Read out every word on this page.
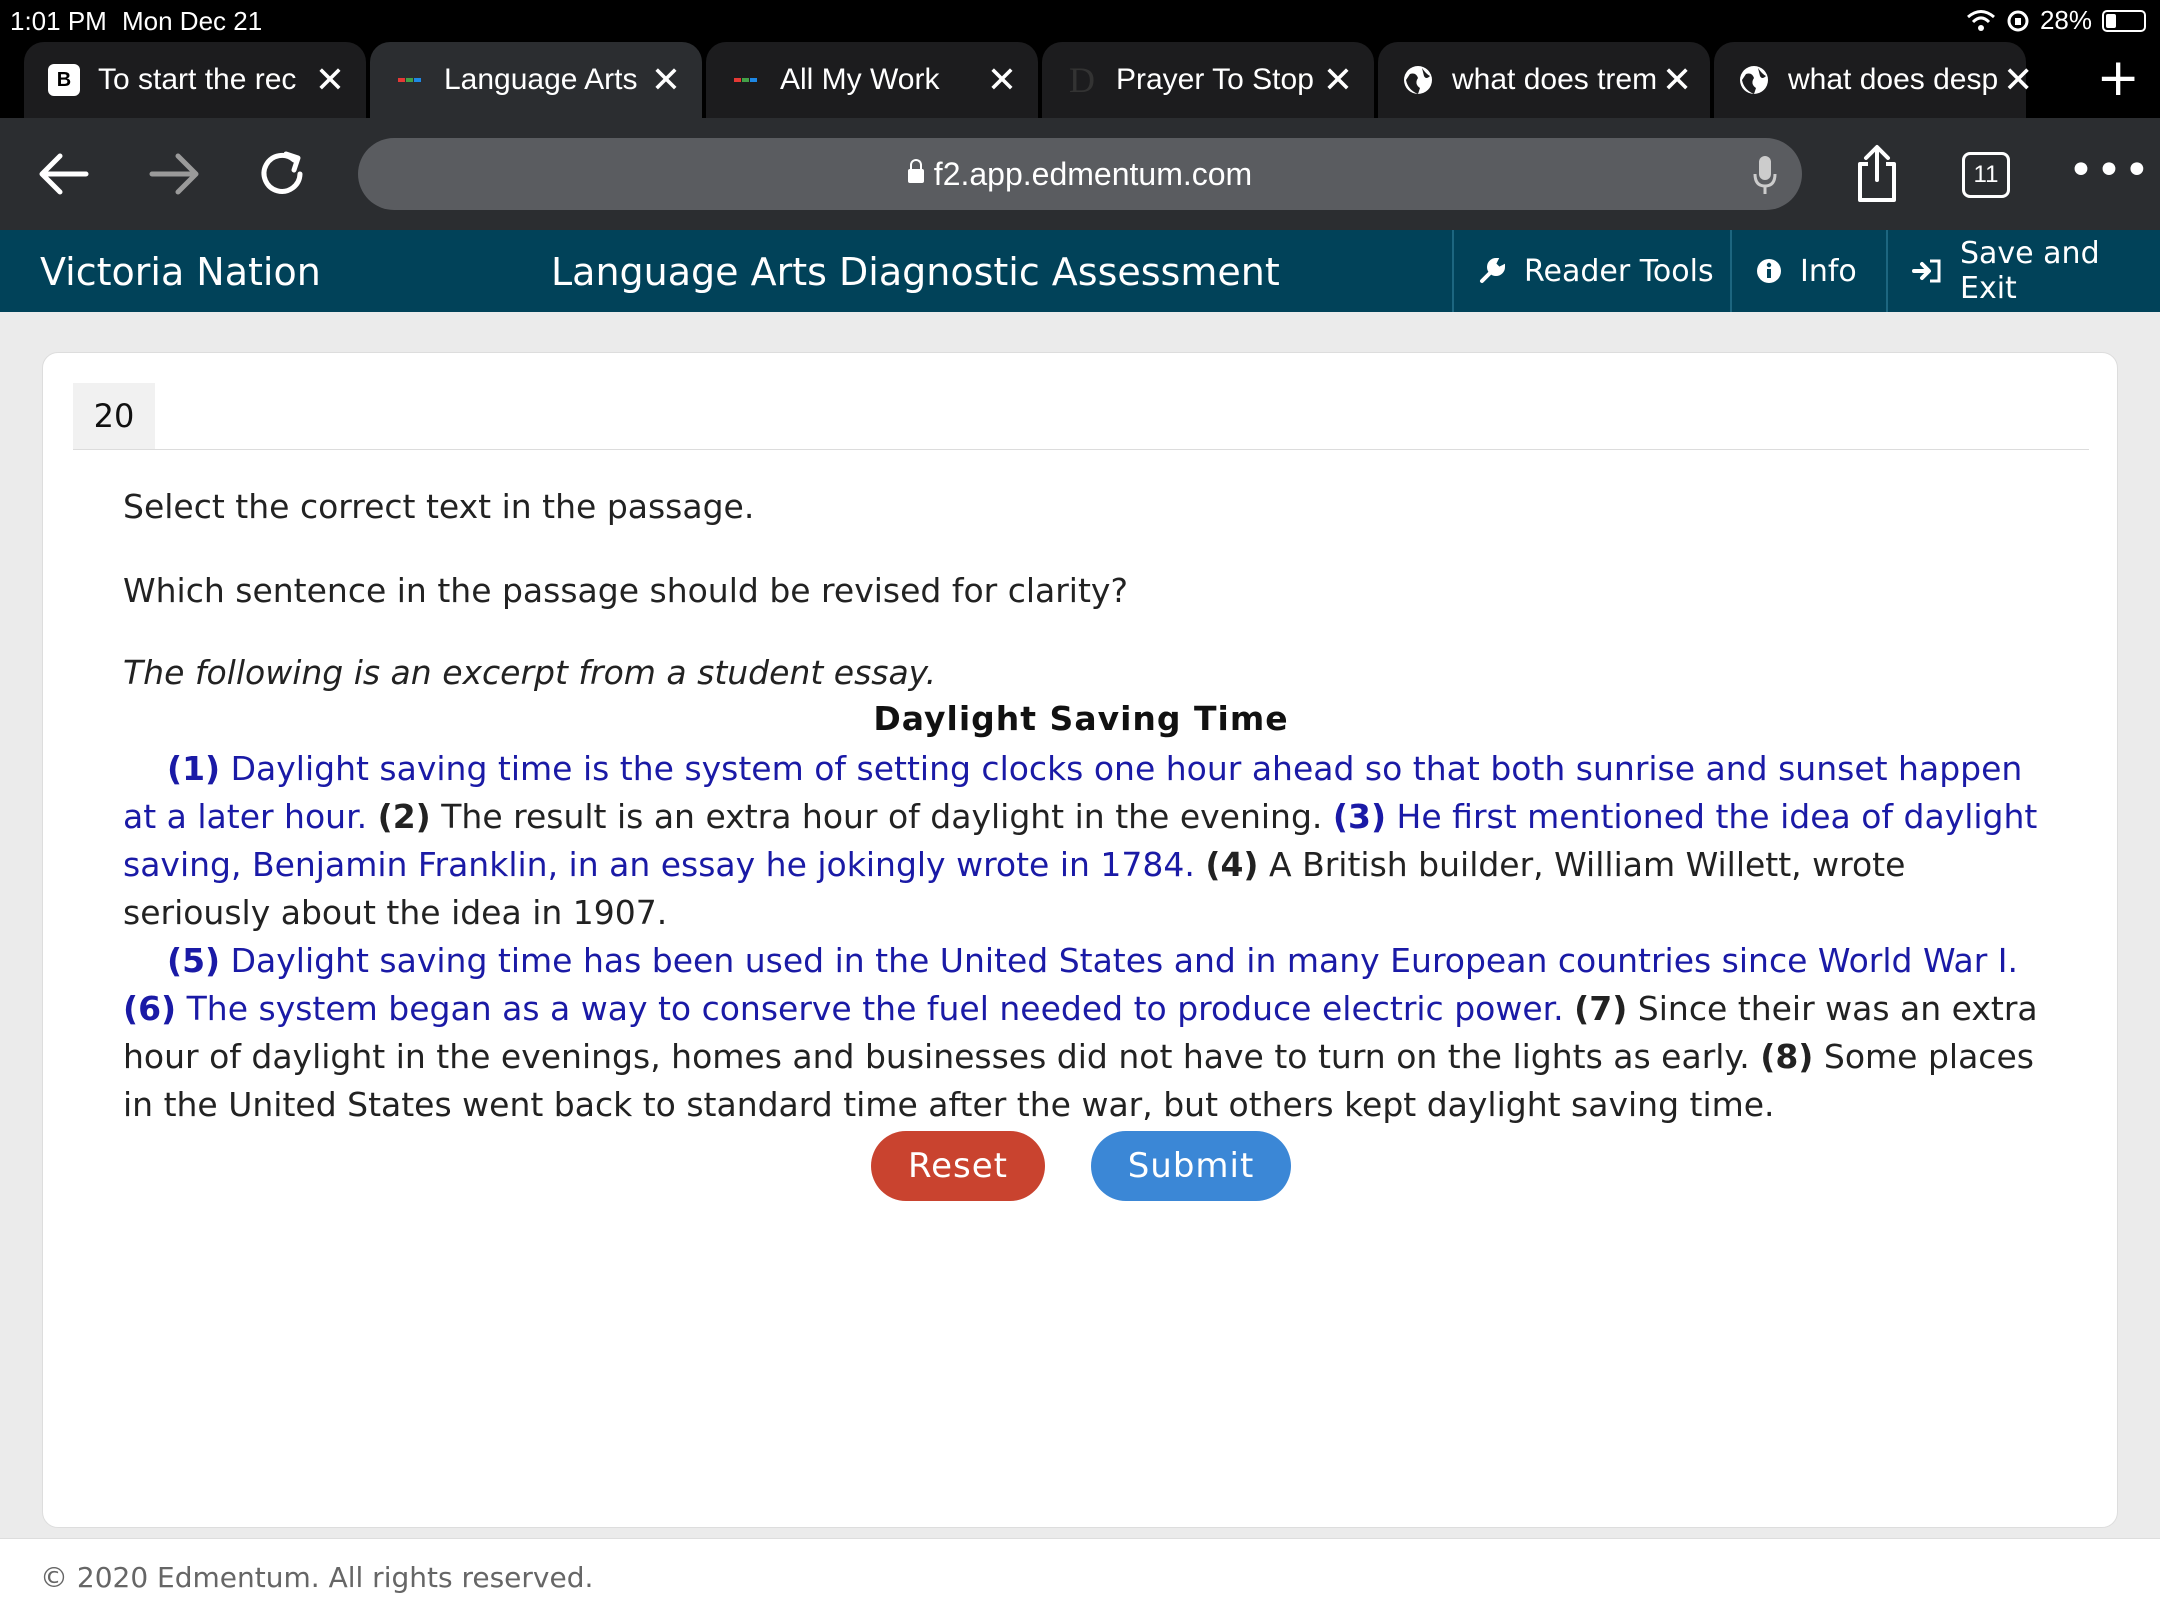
1:01 PM Mon Dec 21	28%
B To start the rec ✕	Language Arts ✕	All My Work	✕ D Prayer To Stop ✕	what does trem ✕	what does desp ✕ +
f2.app.edmentum.com	11 •••
Victoria Nation	Language Arts Diagnostic Assessment	Reader Tools	Info	Save and Exit
20
Select the correct text in the passage.
Which sentence in the passage should be revised for clarity?
The following is an excerpt from a student essay.
Daylight Saving Time

(1) Daylight saving time is the system of setting clocks one hour ahead so that both sunrise and sunset happen at a later hour. (2) The result is an extra hour of daylight in the evening. (3) He first mentioned the idea of daylight saving, Benjamin Franklin, in an essay he jokingly wrote in 1784. (4) A British builder, William Willett, wrote seriously about the idea in 1907.

(5) Daylight saving time has been used in the United States and in many European countries since World War I. (6) The system began as a way to conserve the fuel needed to produce electric power. (7) Since their was an extra hour of daylight in the evenings, homes and businesses did not have to turn on the lights as early. (8) Some places in the United States went back to standard time after the war, but others kept daylight saving time.

Reset	Submit
© 2020 Edmentum. All rights reserved.
